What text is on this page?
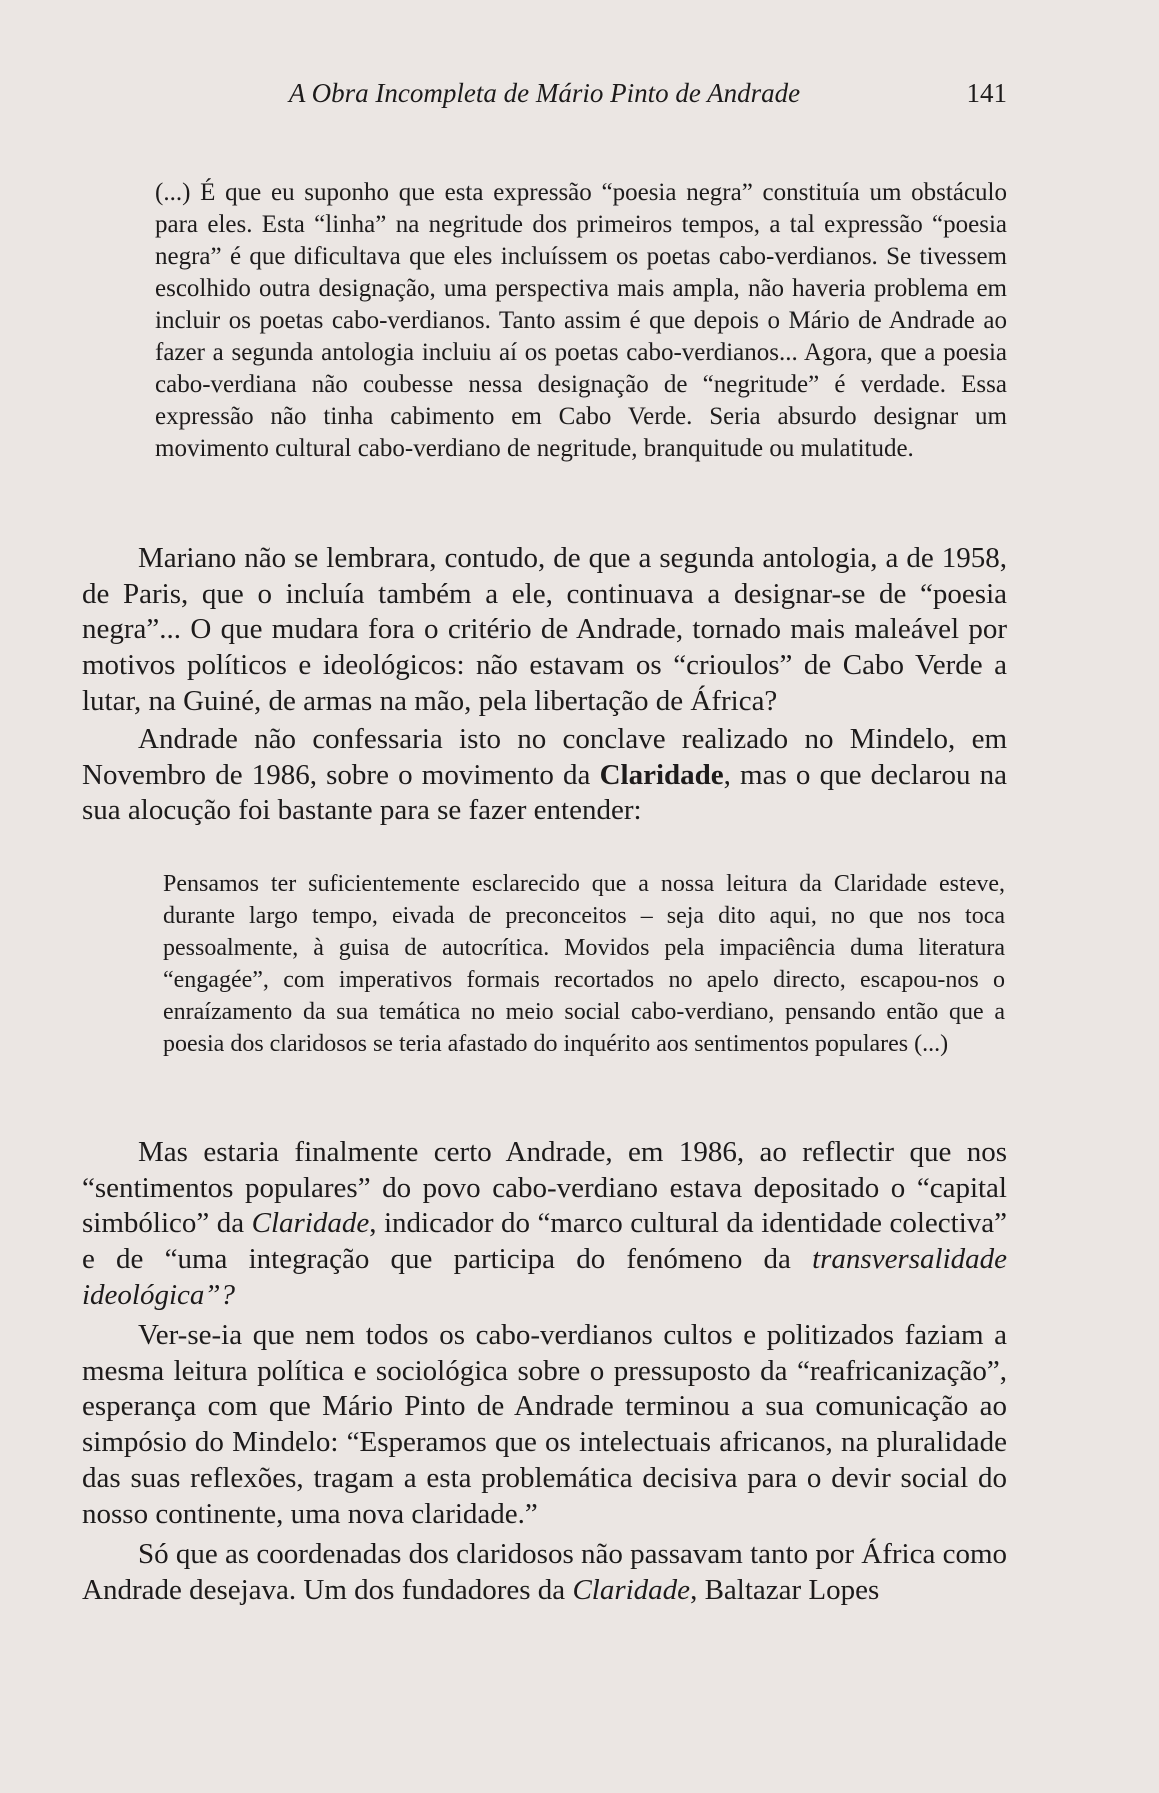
A Obra Incompleta de Mário Pinto de Andrade	141

(...) É que eu suponho que esta expressão “poesia negra” constituía um obstáculo para eles. Esta “linha” na negritude dos primeiros tempos, a tal expressão “poesia negra” é que dificultava que eles incluíssem os poetas cabo-verdianos. Se tivessem escolhido outra designação, uma perspectiva mais ampla, não haveria problema em incluir os poetas cabo-verdianos. Tanto assim é que depois o Mário de Andrade ao fazer a segunda antologia incluiu aí os poetas cabo-verdianos... Agora, que a poesia cabo-verdiana não coubesse nessa designação de “negritude” é verdade. Essa expressão não tinha cabimento em Cabo Verde. Seria absurdo designar um movimento cultural cabo-verdiano de negritude, branquitude ou mulatitude.

Mariano não se lembrara, contudo, de que a segunda antologia, a de 1958, de Paris, que o incluía também a ele, continuava a designar-se de “poesia negra”... O que mudara fora o critério de Andrade, tornado mais maleável por motivos políticos e ideológicos: não estavam os “crioulos” de Cabo Verde a lutar, na Guiné, de armas na mão, pela libertação de África?

Andrade não confessaria isto no conclave realizado no Mindelo, em Novembro de 1986, sobre o movimento da Claridade, mas o que declarou na sua alocução foi bastante para se fazer entender:

Pensamos ter suficientemente esclarecido que a nossa leitura da Claridade esteve, durante largo tempo, eivada de preconceitos – seja dito aqui, no que nos toca pessoalmente, à guisa de autocrítica. Movidos pela impaciência duma literatura “engagée”, com imperativos formais recortados no apelo directo, escapou-nos o enraízamento da sua temática no meio social cabo-verdiano, pensando então que a poesia dos claridosos se teria afastado do inquérito aos sentimentos populares (...)

Mas estaria finalmente certo Andrade, em 1986, ao reflectir que nos “sentimentos populares” do povo cabo-verdiano estava depositado o “capital simbólico” da Claridade, indicador do “marco cultural da identidade colectiva” e de “uma integração que participa do fenómeno da transversalidade ideológica”?

Ver-se-ia que nem todos os cabo-verdianos cultos e politizados faziam a mesma leitura política e sociológica sobre o pressuposto da “reafricanização”, esperança com que Mário Pinto de Andrade terminou a sua comunicação ao simpósio do Mindelo: “Esperamos que os intelectuais africanos, na pluralidade das suas reflexões, tragam a esta problemática decisiva para o devir social do nosso continente, uma nova claridade.”

Só que as coordenadas dos claridosos não passavam tanto por África como Andrade desejava. Um dos fundadores da Claridade, Baltazar Lopes
